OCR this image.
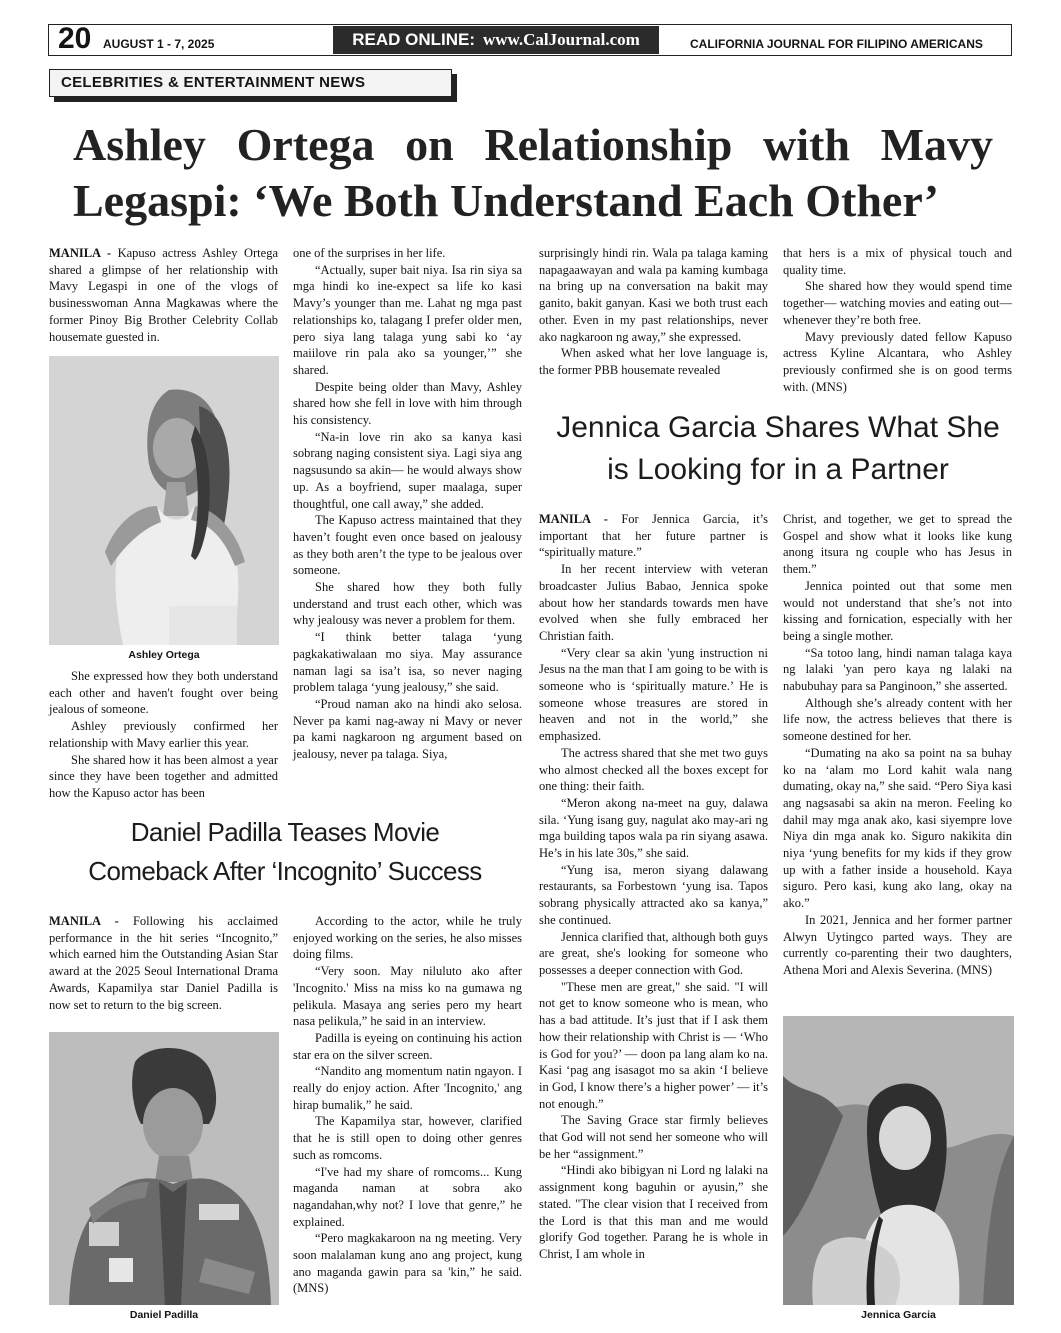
20 AUGUST 1 - 7, 2025	READ ONLINE: www.CalJournal.com	CALIFORNIA JOURNAL FOR FILIPINO AMERICANS
CELEBRITIES & ENTERTAINMENT NEWS
Ashley Ortega on Relationship with Mavy
Legaspi: ‘We Both Understand Each Other’

MANILA - Kapuso actress Ashley Ortega shared a glimpse of her relationship with Mavy Legaspi in one of the vlogs of businesswoman Anna Magkawas where the former Pinoy Big Brother Celebrity Collab housemate guested in.

Ashley Ortega

She expressed how they both understand each other and haven't fought over being jealous of someone.

Ashley previously confirmed her relationship with Mavy earlier this year.

She shared how it has been almost a year since they have been together and admitted how the Kapuso actor has been

one of the surprises in her life.

“Actually, super bait niya. Isa rin siya sa mga hindi ko ine-expect sa life ko kasi Mavy’s younger than me. Lahat ng mga past relationships ko, talagang I prefer older men, pero siya lang talaga yung sabi ko ‘ay maiilove rin pala ako sa younger,’” she shared.

Despite being older than Mavy, Ashley shared how she fell in love with him through his consistency.

“Na-in love rin ako sa kanya kasi sobrang naging consistent siya. Lagi siya ang nagsusundo sa akin— he would always show up. As a boyfriend, super maalaga, super thoughtful, one call away,” she added.

The Kapuso actress maintained that they haven’t fought even once based on jealousy as they both aren’t the type to be jealous over someone.

She shared how they both fully understand and trust each other, which was why jealousy was never a problem for them.

“I think better talaga ‘yung pagkakatiwalaan mo siya. May assurance naman lagi sa isa’t isa, so never naging problem talaga ‘yung jealousy,” she said.

“Proud naman ako na hindi ako selosa. Never pa kami nag-away ni Mavy or never pa kami nagkaroon ng argument based on jealousy, never pa talaga. Siya,

surprisingly hindi rin. Wala pa talaga kaming napagaawayan and wala pa kaming kumbaga na bring up na conversation na bakit may ganito, bakit ganyan. Kasi we both trust each other. Even in my past relationships, never ako nagkaroon ng away,” she expressed.

When asked what her love language is, the former PBB housemate revealed

that hers is a mix of physical touch and quality time.

She shared how they would spend time together— watching movies and eating out— whenever they’re both free.

Mavy previously dated fellow Kapuso actress Kyline Alcantara, who Ashley previously confirmed she is on good terms with. (MNS)

Jennica Garcia Shares What She is Looking for in a Partner

MANILA - For Jennica Garcia, it’s important that her future partner is “spiritually mature.”

In her recent interview with veteran broadcaster Julius Babao, Jennica spoke about how her standards towards men have evolved when she fully embraced her Christian faith.

“Very clear sa akin 'yung instruction ni Jesus na the man that I am going to be with is someone who is ‘spiritually mature.’ He is someone whose treasures are stored in heaven and not in the world,” she emphasized.

The actress shared that she met two guys who almost checked all the boxes except for one thing: their faith.

“Meron akong na-meet na guy, dalawa sila. ‘Yung isang guy, nagulat ako may-ari ng mga building tapos wala pa rin siyang asawa. He’s in his late 30s,” she said.

“Yung isa, meron siyang dalawang restaurants, sa Forbestown ‘yung isa. Tapos sobrang physically attracted ako sa kanya,” she continued.

Jennica clarified that, although both guys are great, she's looking for someone who possesses a deeper connection with God.

"These men are great," she said. "I will not get to know someone who is mean, who has a bad attitude. It’s just that if I ask them how their relationship with Christ is — ‘Who is God for you?’ — doon pa lang alam ko na. Kasi ‘pag ang isasagot mo sa akin ‘I believe in God, I know there’s a higher power’ — it’s not enough.”

The Saving Grace star firmly believes that God will not send her someone who will be her “assignment.”

“Hindi ako bibigyan ni Lord ng lalaki na assignment kong baguhin or ayusin,” she stated. "The clear vision that I received from the Lord is that this man and me would glorify God together. Parang he is whole in Christ, I am whole in

Christ, and together, we get to spread the Gospel and show what it looks like kung anong itsura ng couple who has Jesus in them.”

Jennica pointed out that some men would not understand that she’s not into kissing and fornication, especially with her being a single mother.

“Sa totoo lang, hindi naman talaga kaya ng lalaki 'yan pero kaya ng lalaki na nabubuhay para sa Panginoon,” she asserted.

Although she’s already content with her life now, the actress believes that there is someone destined for her.

“Dumating na ako sa point na sa buhay ko na ‘alam mo Lord kahit wala nang dumating, okay na,” she said. “Pero Siya kasi ang nagsasabi sa akin na meron. Feeling ko dahil may mga anak ako, kasi siyempre love Niya din mga anak ko. Siguro nakikita din niya ‘yung benefits for my kids if they grow up with a father inside a household. Kaya siguro. Pero kasi, kung ako lang, okay na ako.”

In 2021, Jennica and her former partner Alwyn Uytingco parted ways. They are currently co-parenting their two daughters, Athena Mori and Alexis Severina. (MNS)

Jennica Garcia
Daniel Padilla Teases Movie
Comeback After ‘Incognito’ Success

MANILA - Following his acclaimed performance in the hit series “Incognito,” which earned him the Outstanding Asian Star award at the 2025 Seoul International Drama Awards, Kapamilya star Daniel Padilla is now set to return to the big screen.

Daniel Padilla

According to the actor, while he truly enjoyed working on the series, he also misses doing films.

“Very soon. May niluluto ako after 'Incognito.' Miss na miss ko na gumawa ng pelikula. Masaya ang series pero my heart nasa pelikula,” he said in an interview.

Padilla is eyeing on continuing his action star era on the silver screen.

“Nandito ang momentum natin ngayon. I really do enjoy action. After 'Incognito,' ang hirap bumalik,” he said.

The Kapamilya star, however, clarified that he is still open to doing other genres such as romcoms.

“I've had my share of romcoms... Kung maganda naman at sobra ako nagandahan,why not? I love that genre,” he explained.

“Pero magkakaroon na ng meeting. Very soon malalaman kung ano ang project, kung ano maganda gawin para sa 'kin,” he said. (MNS)
